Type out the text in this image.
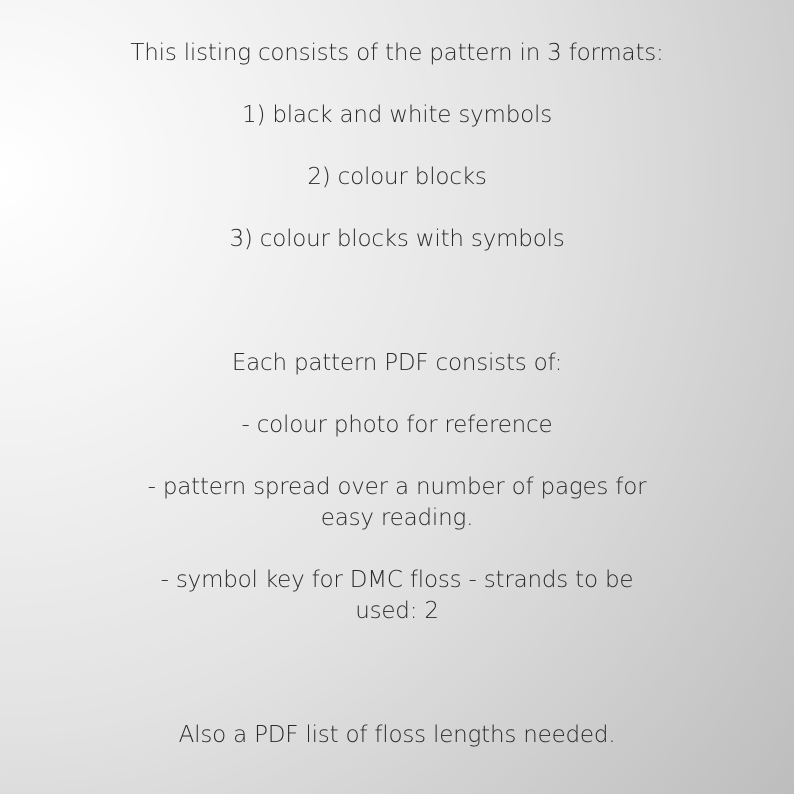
This listing consists of the pattern in 3 formats:
1) black and white symbols
2) colour blocks
3) colour blocks with symbols
Each pattern PDF consists of:
- colour photo for reference
- pattern spread over a number of pages for
easy reading.
- symbol key for DMC floss - strands to be
used: 2
Also a PDF list of floss lengths needed.
